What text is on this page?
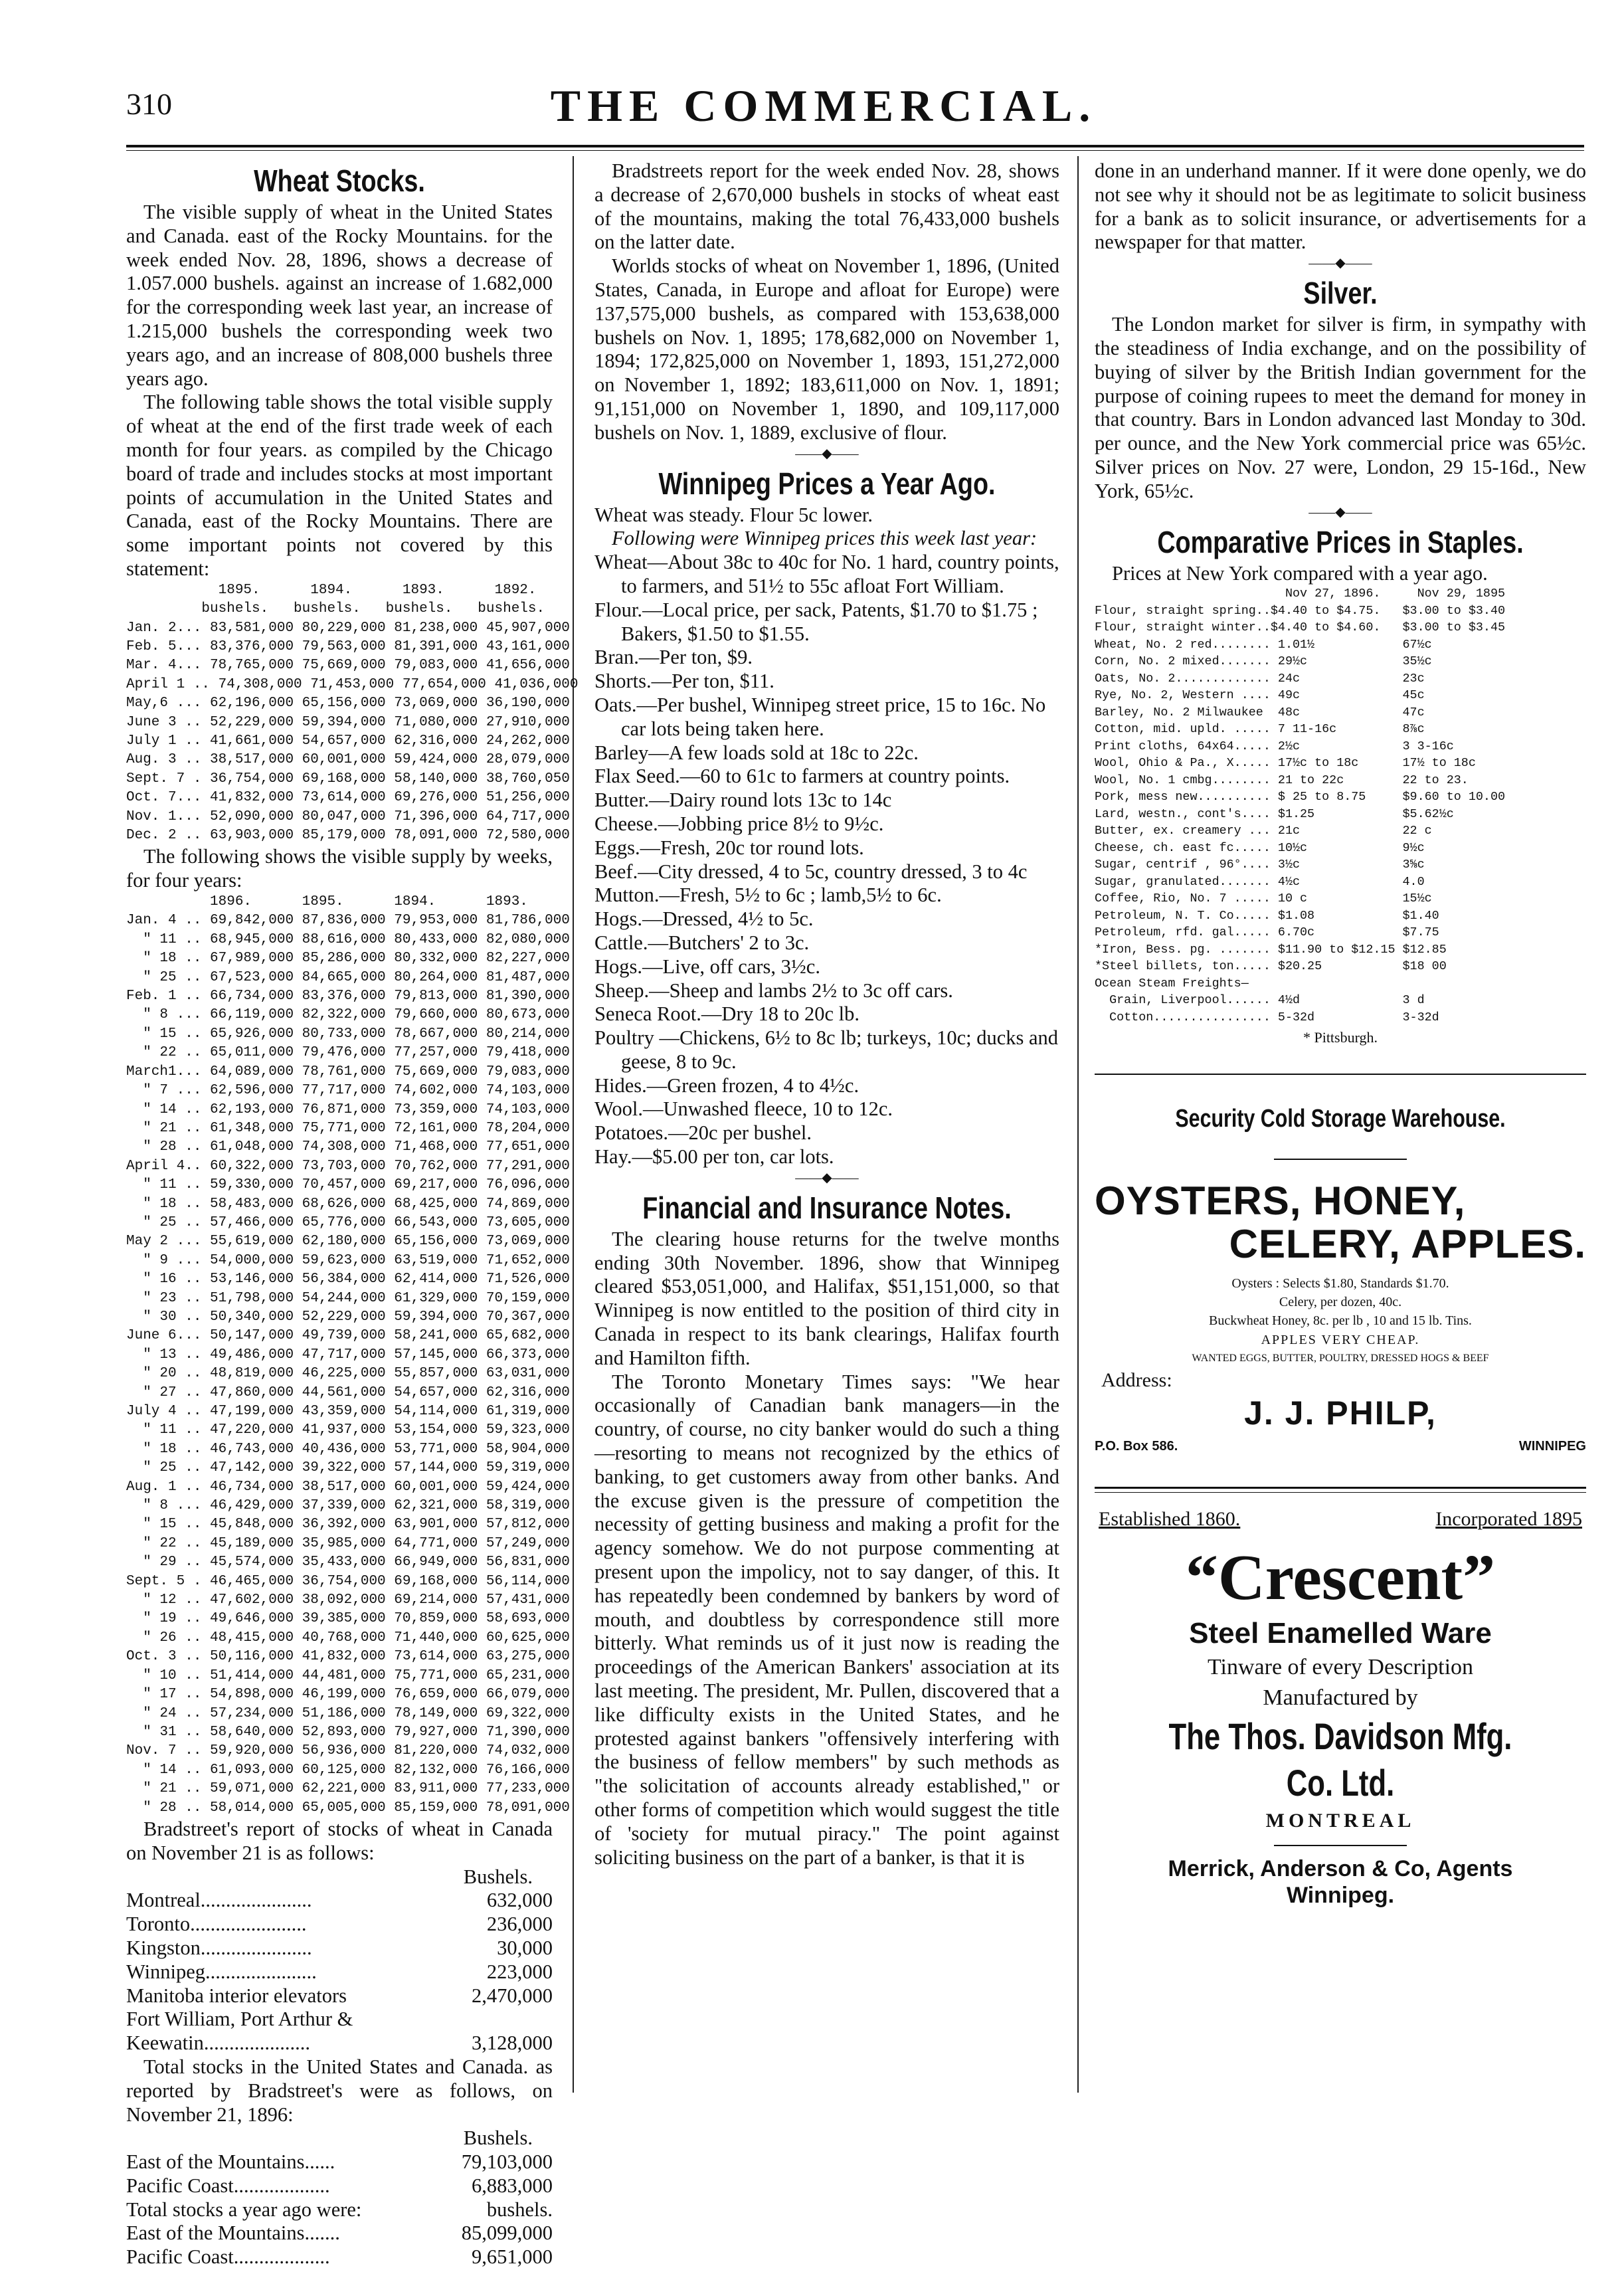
310	THE COMMERCIAL.
Wheat Stocks.

The visible supply of wheat in the United States and Canada. east of the Rocky Mountains. for the week ended Nov. 28, 1896, shows a decrease of 1.057.000 bushels. against an increase of 1.682,000 for the corresponding week last year, an increase of 1.215,000 bushels the corresponding week two years ago, and an increase of 808,000 bushels three years ago.

The following table shows the total visible supply of wheat at the end of the first trade week of each month for four years. as compiled by the Chicago board of trade and includes stocks at most important points of accumulation in the United States and Canada, east of the Rocky Mountains. There are some important points not covered by this statement:

1895.      1894.      1893.      1892.
bushels.   bushels.   bushels.   bushels.
Jan. 2... 83,581,000 80,229,000 81,238,000 45,907,000
Feb. 5... 83,376,000 79,563,000 81,391,000 43,161,000
Mar. 4... 78,765,000 75,669,000 79,083,000 41,656,000
April 1 .. 74,308,000 71,453,000 77,654,000 41,036,000
May,6 ... 62,196,000 65,156,000 73,069,000 36,190,000
June 3 .. 52,229,000 59,394,000 71,080,000 27,910,000
July 1 .. 41,661,000 54,657,000 62,316,000 24,262,000
Aug. 3 .. 38,517,000 60,001,000 59,424,000 28,079,000
Sept. 7 . 36,754,000 69,168,000 58,140,000 38,760,050
Oct. 7... 41,832,000 73,614,000 69,276,000 51,256,000
Nov. 1... 52,090,000 80,047,000 71,396,000 64,717,000
Dec. 2 .. 63,903,000 85,179,000 78,091,000 72,580,000

The following shows the visible supply by weeks, for four years:

1896.      1895.      1894.      1893.
Jan. 4 .. 69,842,000 87,836,000 79,953,000 81,786,000
" 11 .. 68,945,000 88,616,000 80,433,000 82,080,000
" 18 .. 67,989,000 85,286,000 80,332,000 82,227,000
" 25 .. 67,523,000 84,665,000 80,264,000 81,487,000
Feb. 1 .. 66,734,000 83,376,000 79,813,000 81,390,000
" 8 ... 66,119,000 82,322,000 79,660,000 80,673,000
" 15 .. 65,926,000 80,733,000 78,667,000 80,214,000
" 22 .. 65,011,000 79,476,000 77,257,000 79,418,000
March1... 64,089,000 78,761,000 75,669,000 79,083,000
" 7 ... 62,596,000 77,717,000 74,602,000 74,103,000
" 14 .. 62,193,000 76,871,000 73,359,000 74,103,000
" 21 .. 61,348,000 75,771,000 72,161,000 78,204,000
" 28 .. 61,048,000 74,308,000 71,468,000 77,651,000
April 4.. 60,322,000 73,703,000 70,762,000 77,291,000
" 11 .. 59,330,000 70,457,000 69,217,000 76,096,000
" 18 .. 58,483,000 68,626,000 68,425,000 74,869,000
" 25 .. 57,466,000 65,776,000 66,543,000 73,605,000
May 2 ... 55,619,000 62,180,000 65,156,000 73,069,000
" 9 ... 54,000,000 59,623,000 63,519,000 71,652,000
" 16 .. 53,146,000 56,384,000 62,414,000 71,526,000
" 23 .. 51,798,000 54,244,000 61,329,000 70,159,000
" 30 .. 50,340,000 52,229,000 59,394,000 70,367,000
June 6... 50,147,000 49,739,000 58,241,000 65,682,000
" 13 .. 49,486,000 47,717,000 57,145,000 66,373,000
" 20 .. 48,819,000 46,225,000 55,857,000 63,031,000
" 27 .. 47,860,000 44,561,000 54,657,000 62,316,000
July 4 .. 47,199,000 43,359,000 54,114,000 61,319,000
" 11 .. 47,220,000 41,937,000 53,154,000 59,323,000
" 18 .. 46,743,000 40,436,000 53,771,000 58,904,000
" 25 .. 47,142,000 39,322,000 57,144,000 59,319,000
Aug. 1 .. 46,734,000 38,517,000 60,001,000 59,424,000
" 8 ... 46,429,000 37,339,000 62,321,000 58,319,000
" 15 .. 45,848,000 36,392,000 63,901,000 57,812,000
" 22 .. 45,189,000 35,985,000 64,771,000 57,249,000
" 29 .. 45,574,000 35,433,000 66,949,000 56,831,000
Sept. 5 . 46,465,000 36,754,000 69,168,000 56,114,000
" 12 .. 47,602,000 38,092,000 69,214,000 57,431,000
" 19 .. 49,646,000 39,385,000 70,859,000 58,693,000
" 26 .. 48,415,000 40,768,000 71,440,000 60,625,000
Oct. 3 .. 50,116,000 41,832,000 73,614,000 63,275,000
" 10 .. 51,414,000 44,481,000 75,771,000 65,231,000
" 17 .. 54,898,000 46,199,000 76,659,000 66,079,000
" 24 .. 57,234,000 51,186,000 78,149,000 69,322,000
" 31 .. 58,640,000 52,893,000 79,927,000 71,390,000
Nov. 7 .. 59,920,000 56,936,000 81,220,000 74,032,000
" 14 .. 61,093,000 60,125,000 82,132,000 76,166,000
" 21 .. 59,071,000 62,221,000 83,911,000 77,233,000
" 28 .. 58,014,000 65,005,000 85,159,000 78,091,000

Bradstreet's report of stocks of wheat in Canada on November 21 is as follows:

Bushels.
Montreal......................	632,000
Toronto.......................	236,000
Kingston......................	30,000
Winnipeg......................	223,000
Manitoba interior elevators	2,470,000
Fort William, Port Arthur &
Keewatin.....................	3,128,000

Total stocks in the United States and Canada. as reported by Bradstreet's were as follows, on November 21, 1896:

Bushels.
East of the Mountains......	79,103,000
Pacific Coast...................	6,883,000
Total stocks a year ago were:	bushels.
East of the Mountains.......	85,099,000
Pacific Coast...................	9,651,000

Bradstreets report for the week ended Nov. 28, shows a decrease of 2,670,000 bushels in stocks of wheat east of the mountains, making the total 76,433,000 bushels on the latter date.

Worlds stocks of wheat on November 1, 1896, (United States, Canada, in Europe and afloat for Europe) were 137,575,000 bushels, as compared with 153,638,000 bushels on Nov. 1, 1895; 178,682,000 on November 1, 1894; 172,825,000 on November 1, 1893, 151,272,000 on November 1, 1892; 183,611,000 on Nov. 1, 1891; 91,151,000 on November 1, 1890, and 109,117,000 bushels on Nov. 1, 1889, exclusive of flour.

——◆——
Winnipeg Prices a Year Ago.

Wheat was steady. Flour 5c lower.

Following were Winnipeg prices this week last year:

Wheat—About 38c to 40c for No. 1 hard, country points, to farmers, and 51½ to 55c afloat Fort William.

Flour.—Local price, per sack, Patents, $1.70 to $1.75 ; Bakers, $1.50 to $1.55.

Bran.—Per ton, $9.

Shorts.—Per ton, $11.

Oats.—Per bushel, Winnipeg street price, 15 to 16c. No car lots being taken here.

Barley—A few loads sold at 18c to 22c.

Flax Seed.—60 to 61c to farmers at country points.

Butter.—Dairy round lots 13c to 14c

Cheese.—Jobbing price 8½ to 9½c.

Eggs.—Fresh, 20c tor round lots.

Beef.—City dressed, 4 to 5c, country dressed, 3 to 4c

Mutton.—Fresh, 5½ to 6c ; lamb,5½ to 6c.

Hogs.—Dressed, 4½ to 5c.

Cattle.—Butchers' 2 to 3c.

Hogs.—Live, off cars, 3½c.

Sheep.—Sheep and lambs 2½ to 3c off cars.

Seneca Root.—Dry 18 to 20c lb.

Poultry —Chickens, 6½ to 8c lb; turkeys, 10c; ducks and geese, 8 to 9c.

Hides.—Green frozen, 4 to 4½c.

Wool.—Unwashed fleece, 10 to 12c.

Potatoes.—20c per bushel.

Hay.—$5.00 per ton, car lots.

——◆——
Financial and Insurance Notes.

The clearing house returns for the twelve months ending 30th November. 1896, show that Winnipeg cleared $53,051,000, and Halifax, $51,151,000, so that Winnipeg is now entitled to the position of third city in Canada in respect to its bank clearings, Halifax fourth and Hamilton fifth.

The Toronto Monetary Times says: "We hear occasionally of Canadian bank managers—in the country, of course, no city banker would do such a thing—resorting to means not recognized by the ethics of banking, to get customers away from other banks. And the excuse given is the pressure of competition the necessity of getting business and making a profit for the agency somehow. We do not purpose commenting at present upon the impolicy, not to say danger, of this. It has repeatedly been condemned by bankers by word of mouth, and doubtless by correspondence still more bitterly. What reminds us of it just now is reading the proceedings of the American Bankers' association at its last meeting. The president, Mr. Pullen, discovered that a like difficulty exists in the United States, and he protested against bankers "offensively interfering with the business of fellow members" by such methods as "the solicitation of accounts already established," or other forms of competition which would suggest the title of 'society for mutual piracy." The point against soliciting business on the part of a banker, is that it is

done in an underhand manner. If it were done openly, we do not see why it should not be as legitimate to solicit business for a bank as to solicit insurance, or advertisements for a newspaper for that matter.

——◆——
Silver.

The London market for silver is firm, in sympathy with the steadiness of India exchange, and on the possibility of buying of silver by the British Indian government for the purpose of coining rupees to meet the demand for money in that country. Bars in London advanced last Monday to 30d. per ounce, and the New York commercial price was 65½c. Silver prices on Nov. 27 were, London, 29 15-16d., New York, 65½c.

——◆——
Comparative Prices in Staples.

Prices at New York compared with a year ago.

Nov 27, 1896.     Nov 29, 1895
Flour, straight spring..$4.40 to $4.75.   $3.00 to $3.40
Flour, straight winter..$4.40 to $4.60.   $3.00 to $3.45
Wheat, No. 2 red........ 1.01½            67½c
Corn, No. 2 mixed....... 29½c             35½c
Oats, No. 2............. 24c              23c
Rye, No. 2, Western .... 49c              45c
Barley, No. 2 Milwaukee  48c              47c
Cotton, mid. upld. ..... 7 11-16c         8⅞c
Print cloths, 64x64..... 2½c              3 3-16c
Wool, Ohio & Pa., X..... 17½c to 18c      17½ to 18c
Wool, No. 1 cmbg........ 21 to 22c        22 to 23.
Pork, mess new.......... $ 25 to 8.75     $9.60 to 10.00
Lard, westn., cont's.... $1.25            $5.62½c
Butter, ex. creamery ... 21c              22 c
Cheese, ch. east fc..... 10½c             9½c
Sugar, centrif , 96°.... 3½c              3⅝c
Sugar, granulated....... 4½c              4.0
Coffee, Rio, No. 7 ..... 10 c             15½c
Petroleum, N. T. Co..... $1.08            $1.40
Petroleum, rfd. gal..... 6.70c            $7.75
*Iron, Bess. pg. ....... $11.90 to $12.15 $12.85
*Steel billets, ton..... $20.25           $18 00
Ocean Steam Freights—
Grain, Liverpool...... 4½d              3 d
Cotton................ 5-32d            3-32d
* Pittsburgh.
Security Cold Storage Warehouse.
OYSTERS, HONEY,
CELERY, APPLES.
Oysters : Selects $1.80, Standards $1.70.
Celery, per dozen, 40c.
Buckwheat Honey, 8c. per lb , 10 and 15 lb. Tins.
APPLES VERY CHEAP.
WANTED EGGS, BUTTER, POULTRY, DRESSED HOGS & BEEF
Address:
J. J. PHILP,
P.O. Box 586.	WINNIPEG
Established 1860.	Incorporated 1895
“Crescent”
Steel Enamelled Ware
Tinware of every Description
Manufactured by
The Thos. Davidson Mfg. Co. Ltd.
MONTREAL
Merrick, Anderson & Co, Agents
Winnipeg.
